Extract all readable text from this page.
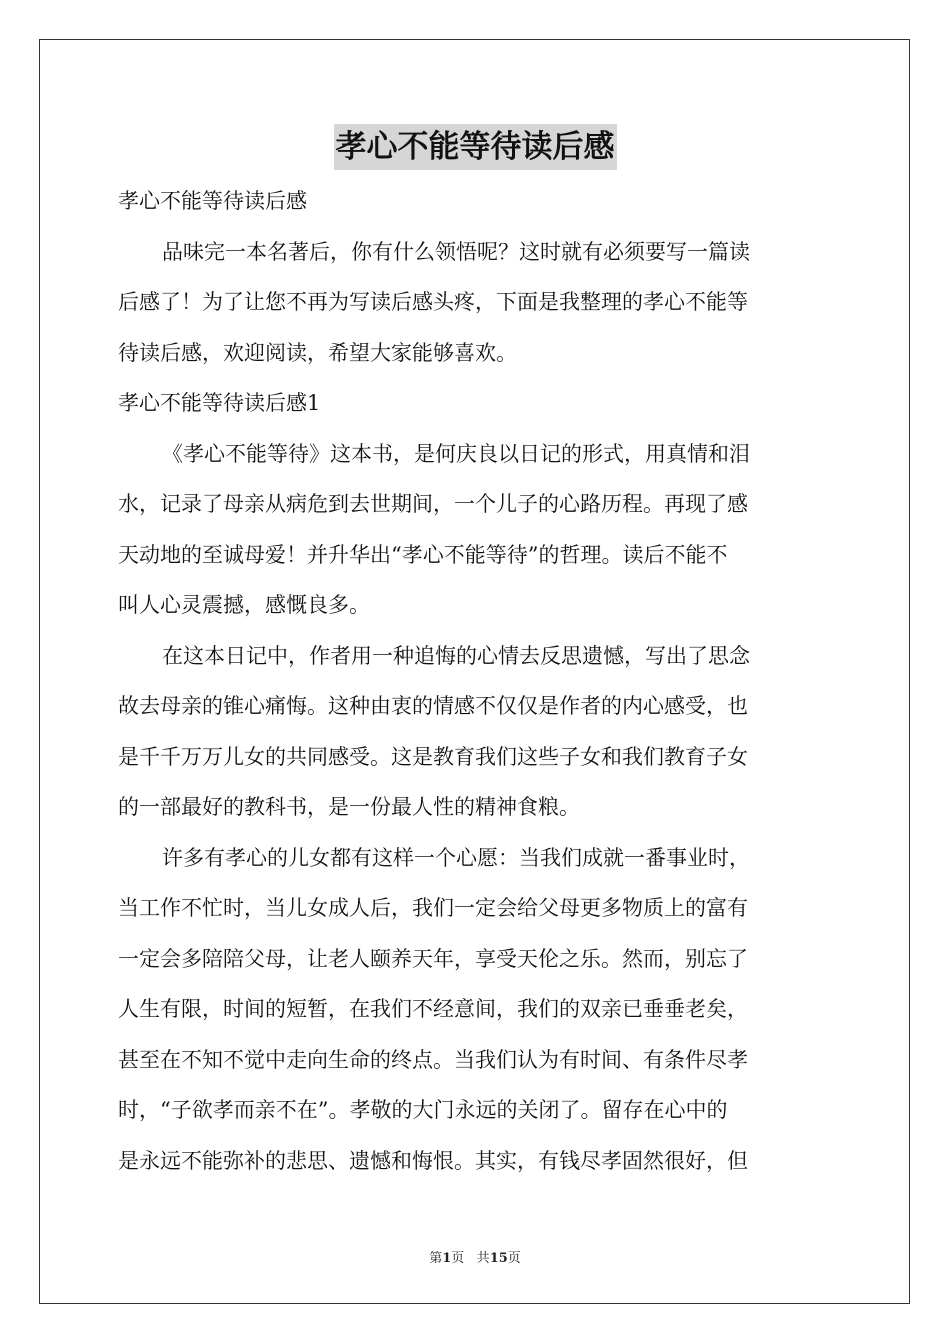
孝心不能等待读后感
孝心不能等待读后感
品味完一本名著后，你有什么领悟呢？这时就有必须要写一篇读
后感了！为了让您不再为写读后感头疼，下面是我整理的孝心不能等
待读后感，欢迎阅读，希望大家能够喜欢。
孝心不能等待读后感1
《孝心不能等待》这本书，是何庆良以日记的形式，用真情和泪
水，记录了母亲从病危到去世期间，一个儿子的心路历程。再现了感
天动地的至诚母爱！并升华出“孝心不能等待”的哲理。读后不能不
叫人心灵震撼，感慨良多。
在这本日记中，作者用一种追悔的心情去反思遗憾，写出了思念
故去母亲的锥心痛悔。这种由衷的情感不仅仅是作者的内心感受，也
是千千万万儿女的共同感受。这是教育我们这些子女和我们教育子女
的一部最好的教科书，是一份最人性的精神食粮。
许多有孝心的儿女都有这样一个心愿：当我们成就一番事业时，
当工作不忙时，当儿女成人后，我们一定会给父母更多物质上的富有
一定会多陪陪父母，让老人颐养天年，享受天伦之乐。然而，别忘了
人生有限，时间的短暂，在我们不经意间，我们的双亲已垂垂老矣，
甚至在不知不觉中走向生命的终点。当我们认为有时间、有条件尽孝
时，“子欲孝而亲不在”。孝敬的大门永远的关闭了。留存在心中的
是永远不能弥补的悲思、遗憾和悔恨。其实，有钱尽孝固然很好，但
第1页 共15页
